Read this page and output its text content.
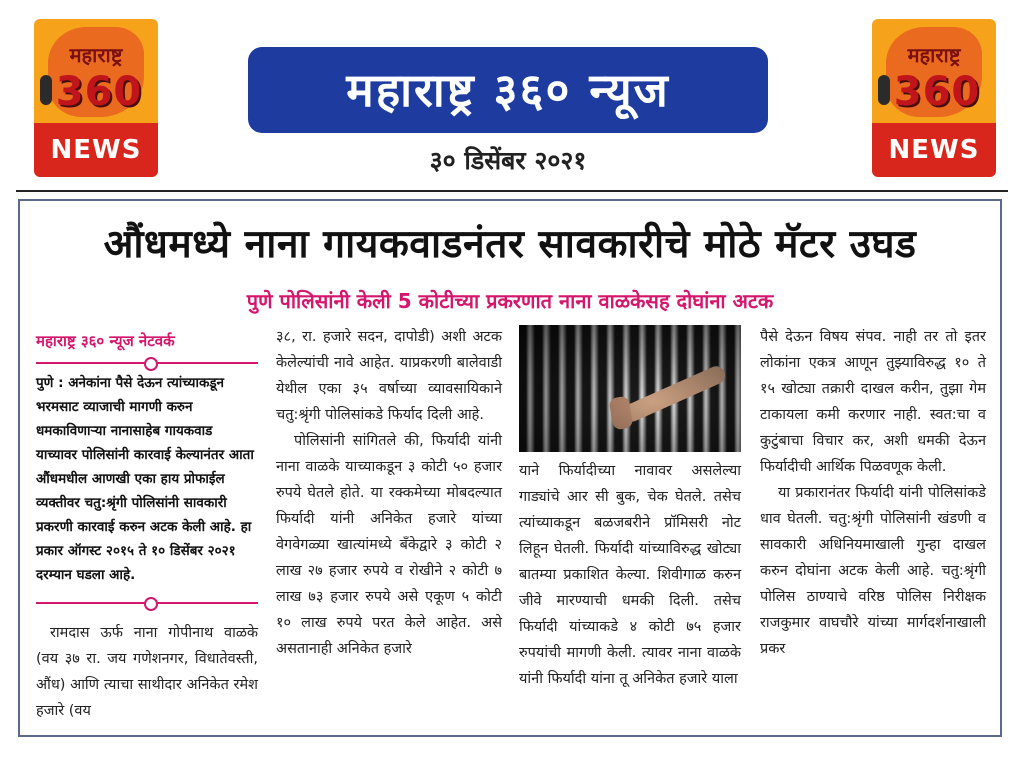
महाराष्ट्र
360
NEWS
महाराष्ट्र
360
NEWS
महाराष्ट्र ३६० न्यूज
३० डिसेंबर २०२१
औंधमध्ये नाना गायकवाडनंतर सावकारीचे मोठे मॅटर उघड
पुणे पोलिसांनी केली 5 कोटीच्या प्रकरणात नाना वाळकेसह दोघांना अटक
महाराष्ट्र ३६० न्यूज नेटवर्क
पुणे : अनेकांना पैसे देऊन त्यांच्याकडून भरमसाट व्याजाची मागणी करुन धमकाविणाऱ्या नानासाहेब गायकवाड याच्यावर पोलिसांनी कारवाई केल्यानंतर आता औंधमधील आणखी एका हाय प्रोफाईल व्यक्तीवर चतु:श्रृंगी पोलिसांनी सावकारी प्रकरणी कारवाई करुन अटक केली आहे. हा प्रकार ऑगस्ट २०१५ ते १० डिसेंबर २०२१ दरम्यान घडला आहे.

रामदास ऊर्फ नाना गोपीनाथ वाळके (वय ३७ रा. जय गणेशनगर, विधातेवस्ती, औंध) आणि त्याचा साथीदार अनिकेत रमेश हजारे (वय

३८, रा. हजारे सदन, दापोडी) अशी अटक केलेल्यांची नावे आहेत. याप्रकरणी बालेवाडी येथील एका ३५ वर्षाच्या व्यावसायिकाने चतु:श्रृंगी पोलिसांकडे फिर्याद दिली आहे.

पोलिसांनी सांगितले की, फिर्यादी यांनी नाना वाळके याच्याकडून ३ कोटी ५० हजार रुपये घेतले होते. या रक्कमेच्या मोबदल्यात फिर्यादी यांनी अनिकेत हजारे यांच्या वेगवेगळ्या खात्यांमध्ये बँकेद्वारे ३ कोटी २ लाख २७ हजार रुपये व रोखीने २ कोटी ७ लाख ७३ हजार रुपये असे एकूण ५ कोटी १० लाख रुपये परत केले आहेत. असे असतानाही अनिकेत हजारे

याने फिर्यादीच्या नावावर असलेल्या गाड्यांचे आर सी बुक, चेक घेतले. तसेच त्यांच्याकडून बळजबरीने प्रॉमिसरी नोट लिहून घेतली. फिर्यादी यांच्याविरुद्ध खोट्या बातम्या प्रकाशित केल्या. शिवीगाळ करुन जीवे मारण्याची धमकी दिली. तसेच फिर्यादी यांच्याकडे ४ कोटी ७५ हजार रुपयांची मागणी केली. त्यावर नाना वाळके यांनी फिर्यादी यांना तू अनिकेत हजारे याला

पैसे देऊन विषय संपव. नाही तर तो इतर लोकांना एकत्र आणून तुझ्याविरुद्ध १० ते १५ खोट्या तक्रारी दाखल करीन, तुझा गेम टाकायला कमी करणार नाही. स्वत:चा व कुटुंबाचा विचार कर, अशी धमकी देऊन फिर्यादीची आर्थिक पिळवणूक केली.

या प्रकारानंतर फिर्यादी यांनी पोलिसांकडे धाव घेतली. चतु:श्रृंगी पोलिसांनी खंडणी व सावकारी अधिनियमाखाली गुन्हा दाखल करुन दोघांना अटक केली आहे. चतु:श्रृंगी पोलिस ठाण्याचे वरिष्ठ पोलिस निरीक्षक राजकुमार वाघचौरे यांच्या मार्गदर्शनाखाली प्रकर
